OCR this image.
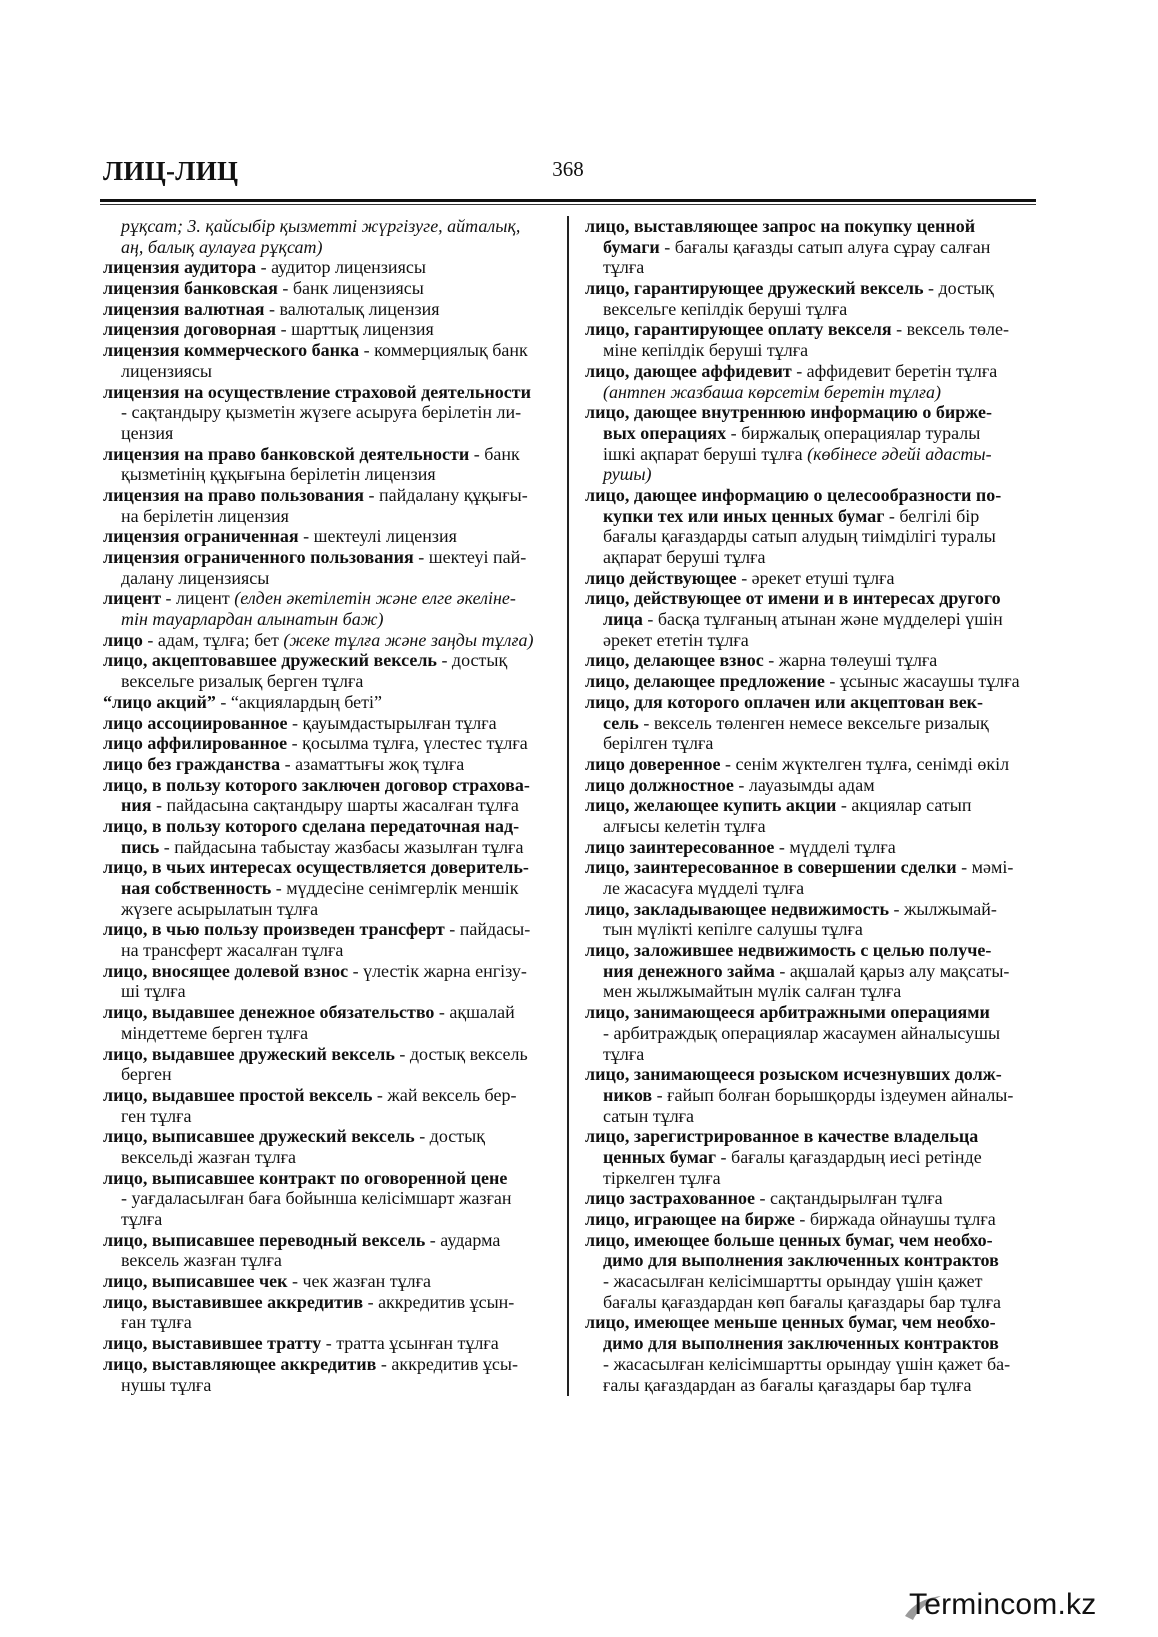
ЛИЦ-ЛИЦ	368
рұқсат; 3. қайсыбір қызметті жүргізуге, айталық,
аң, балық аулауға рұқсат)
лицензия аудитора - аудитор лицензиясы
лицензия банковская - банк лицензиясы
лицензия валютная - валюталық лицензия
лицензия договорная - шарттық лицензия
лицензия коммерческого банка - коммерциялық банк
лицензиясы
лицензия на осуществление страховой деятельности
- сақтандыру қызметін жүзеге асыруға берілетін ли-
цензия
лицензия на право банковской деятельности - банк
қызметінің құқығына берілетін лицензия
лицензия на право пользования - пайдалану құқығы-
на берілетін лицензия
лицензия ограниченная - шектеулі лицензия
лицензия ограниченного пользования - шектеуі пай-
далану лицензиясы
лицент - лицент (елден әкетілетін және елге әкеліне-
тін тауарлардан алынатын баж)
лицо - адам, тұлға; бет (жеке тұлға және заңды тұлға)
лицо, акцептовавшее дружеский вексель - достық
вексельге ризалық берген тұлға
“лицо акций” - “акциялардың беті”
лицо ассоциированное - қауымдастырылған тұлға
лицо аффилированное - қосылма тұлға, үлестес тұлға
лицо без гражданства - азаматтығы жоқ тұлға
лицо, в пользу которого заключен договор страхова-
ния - пайдасына сақтандыру шарты жасалған тұлға
лицо, в пользу которого сделана передаточная над-
пись - пайдасына табыстау жазбасы жазылған тұлға
лицо, в чьих интересах осуществляется доверитель-
ная собственность - мүддесіне сенімгерлік меншік
жүзеге асырылатын тұлға
лицо, в чью пользу произведен трансферт - пайдасы-
на трансферт жасалған тұлға
лицо, вносящее долевой взнос - үлестік жарна енгізу-
ші тұлға
лицо, выдавшее денежное обязательство - ақшалай
міндеттеме берген тұлға
лицо, выдавшее дружеский вексель - достық вексель
берген
лицо, выдавшее простой вексель - жай вексель бер-
ген тұлға
лицо, выписавшее дружеский вексель - достық
вексельді жазған тұлға
лицо, выписавшее контракт по оговоренной цене
- уағдаласылған баға бойынша келісімшарт жазған
тұлға
лицо, выписавшее переводный вексель - аударма
вексель жазған тұлға
лицо, выписавшее чек - чек жазған тұлға
лицо, выставившее аккредитив - аккредитив ұсын-
ған тұлға
лицо, выставившее тратту - тратта ұсынған тұлға
лицо, выставляющее аккредитив - аккредитив ұсы-
нушы тұлға
лицо, выставляющее запрос на покупку ценной
бумаги - бағалы қағазды сатып алуға сұрау салған
тұлға
лицо, гарантирующее дружеский вексель - достық
вексельге кепілдік беруші тұлға
лицо, гарантирующее оплату векселя - вексель төле-
міне кепілдік беруші тұлға
лицо, дающее аффидевит - аффидевит беретін тұлға
(антпен жазбаша көрсетім беретін тұлға)
лицо, дающее внутреннюю информацию о бирже-
вых операциях - биржалық операциялар туралы
ішкі ақпарат беруші тұлға (көбінесе әдейі адасты-
рушы)
лицо, дающее информацию о целесообразности по-
купки тех или иных ценных бумаг - белгілі бір
бағалы қағаздарды сатып алудың тиімділігі туралы
ақпарат беруші тұлға
лицо действующее - әрекет етуші тұлға
лицо, действующее от имени и в интересах другого
лица - басқа тұлғаның атынан және мүдделері үшін
әрекет ететін тұлға
лицо, делающее взнос - жарна төлеуші тұлға
лицо, делающее предложение - ұсыныс жасаушы тұлға
лицо, для которого оплачен или акцептован век-
сель - вексель төленген немесе вексельге ризалық
берілген тұлға
лицо доверенное - сенім жүктелген тұлға, сенімді өкіл
лицо должностное - лауазымды адам
лицо, желающее купить акции - акциялар сатып
алғысы келетін тұлға
лицо заинтересованное - мүдделі тұлға
лицо, заинтересованное в совершении сделки - мәмі-
ле жасасуға мүдделі тұлға
лицо, закладывающее недвижимость - жылжымай-
тын мүлікті кепілге салушы тұлға
лицо, заложившее недвижимость с целью получе-
ния денежного займа - ақшалай қарыз алу мақсаты-
мен жылжымайтын мүлік салған тұлға
лицо, занимающееся арбитражными операциями
- арбитраждық операциялар жасаумен айналысушы
тұлға
лицо, занимающееся розыском исчезнувших долж-
ников - ғайып болған борышқорды іздеумен айналы-
сатын тұлға
лицо, зарегистрированное в качестве владельца
ценных бумаг - бағалы қағаздардың иесі ретінде
тіркелген тұлға
лицо застрахованное - сақтандырылған тұлға
лицо, играющее на бирже - биржада ойнаушы тұлға
лицо, имеющее больше ценных бумаг, чем необхо-
димо для выполнения заключенных контрактов
- жасасылған келісімшартты орындау үшін қажет
бағалы қағаздардан көп бағалы қағаздары бар тұлға
лицо, имеющее меньше ценных бумаг, чем необхо-
димо для выполнения заключенных контрактов
- жасасылған келісімшартты орындау үшін қажет ба-
ғалы қағаздардан аз бағалы қағаздары бар тұлға
Termincom.kz
